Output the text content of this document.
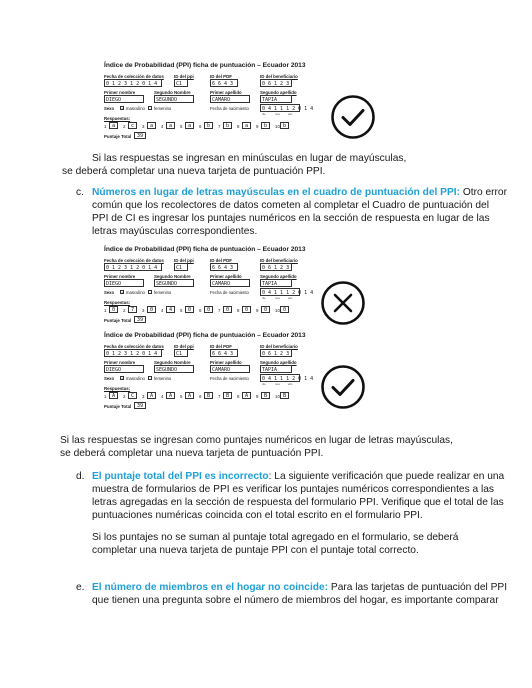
Índice de Probabilidad (PPI) ficha de puntuación – Ecuador 2013
Fecha de colección de datos ID del ppi	ID del PDF	ID del beneficiario
0 1 2 3 1 2 0 1 4	C1	6 6 4 3	0 6 1 2 3
Primer nombre	Segundo Nombre	Primer apellido	Segundo apellido
DIEGO	SEGUNDO	CAMARO	TAPIA
Sexo ✓ masculino femenino	Fecha de nacimiento	0 4 1 1 1 2 0 1 4
dia	mes	año
Respuestas:
1	a	2	c	3	a	4	a	5	a	6	b	7	b	8	a	9	b	10 b
Puntaje Total	39
Si las respuestas se ingresan en minúsculas en lugar de mayúsculas,
se deberá completar una nueva tarjeta de puntuación PPI.
c. Números en lugar de letras mayúsculas en el cuadro de puntuación del PPI: Otro error
común que los recolectores de datos cometen al completar el Cuadro de puntuación del
PPI de CI es ingresar los puntajes numéricos en la sección de respuesta en lugar de las
letras mayúsculas correspondientes.
Índice de Probabilidad (PPI) ficha de puntuación – Ecuador 2013
Fecha de colección de datos ID del ppi	ID del PDF	ID del beneficiario
0 1 2 3 1 2 0 1 4	C1	6 6 4 3	0 6 1 2 3
Primer nombre	Segundo Nombre	Primer apellido	Segundo apellido
DIEGO	SEGUNDO	CAMARO	TAPIA
Sexo ✓ masculino femenino	Fecha de nacimiento	0 4 1 1 1 2 0 1 4
dia	mes	año
Respuestas:
1	0	2	7	3	0	4	4	5	0	6	0	7	0	8	0	9	0	10 0
Puntaje Total	39
Índice de Probabilidad (PPI) ficha de puntuación – Ecuador 2013
Fecha de colección de datos ID del ppi	ID del PDF	ID del beneficiario
0 1 2 3 1 2 0 1 4	C1	6 6 4 3	0 6 1 2 3
Primer nombre	Segundo Nombre	Primer apellido	Segundo apellido
DIEGO	SEGUNDO	CAMARO	TAPIA
Sexo ✓ masculino femenino	Fecha de nacimiento	0 4 1 1 1 2 0 1 4
dia	mes	año
Respuestas:
1	A	2	C	3	A	4	A	5	A	6	B	7	B	8	A	9	B	10 B
Puntaje Total	39
Si las respuestas se ingresan como puntajes numéricos en lugar de letras mayúsculas,
se deberá completar una nueva tarjeta de puntuación PPI.
d. El puntaje total del PPI es incorrecto: La siguiente verificación que puede realizar en una
muestra de formularios de PPI es verificar los puntajes numéricos correspondientes a las
letras agregadas en la sección de respuesta del formulario PPI. Verifique que el total de las
puntuaciones numéricas coincida con el total escrito en el formulario PPI.
Si los puntajes no se suman al puntaje total agregado en el formulario, se deberá
completar una nueva tarjeta de puntaje PPI con el puntaje total correcto.
e. El número de miembros en el hogar no coincide: Para las tarjetas de puntuación del PPI
que tienen una pregunta sobre el número de miembros del hogar, es importante comparar
